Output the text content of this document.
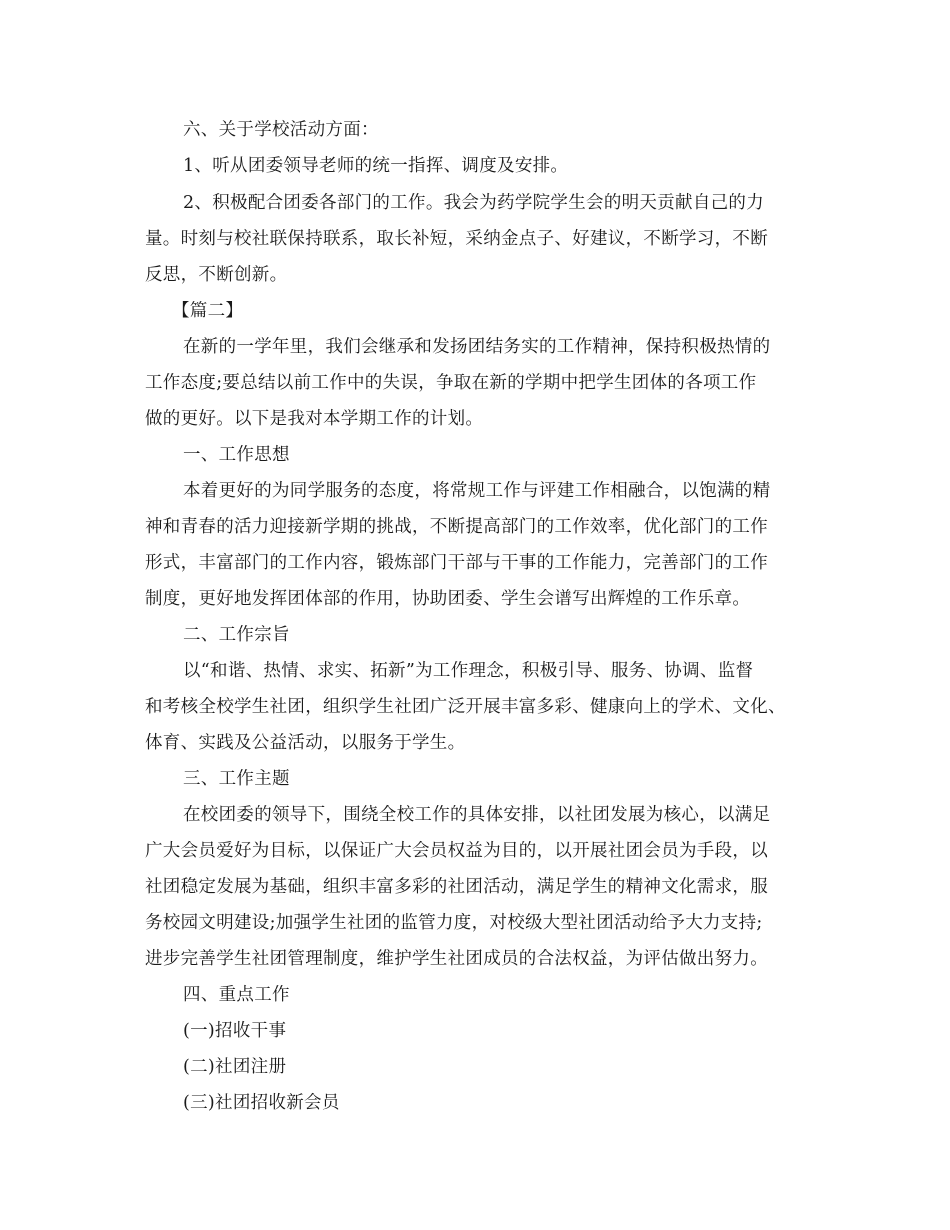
六、关于学校活动方面：
1、听从团委领导老师的统一指挥、调度及安排。
2、积极配合团委各部门的工作。我会为药学院学生会的明天贡献自己的力
量。时刻与校社联保持联系，取长补短，采纳金点子、好建议，不断学习，不断
反思，不断创新。
【篇二】
在新的一学年里，我们会继承和发扬团结务实的工作精神，保持积极热情的
工作态度;要总结以前工作中的失误，争取在新的学期中把学生团体的各项工作
做的更好。以下是我对本学期工作的计划。
一、工作思想
本着更好的为同学服务的态度，将常规工作与评建工作相融合，以饱满的精
神和青春的活力迎接新学期的挑战，不断提高部门的工作效率，优化部门的工作
形式，丰富部门的工作内容，锻炼部门干部与干事的工作能力，完善部门的工作
制度，更好地发挥团体部的作用，协助团委、学生会谱写出辉煌的工作乐章。
二、工作宗旨
以“和谐、热情、求实、拓新”为工作理念，积极引导、服务、协调、监督
和考核全校学生社团，组织学生社团广泛开展丰富多彩、健康向上的学术、文化、
体育、实践及公益活动，以服务于学生。
三、工作主题
在校团委的领导下，围绕全校工作的具体安排，以社团发展为核心，以满足
广大会员爱好为目标，以保证广大会员权益为目的，以开展社团会员为手段，以
社团稳定发展为基础，组织丰富多彩的社团活动，满足学生的精神文化需求，服
务校园文明建设;加强学生社团的监管力度，对校级大型社团活动给予大力支持;
进步完善学生社团管理制度，维护学生社团成员的合法权益，为评估做出努力。
四、重点工作
(一)招收干事
(二)社团注册
(三)社团招收新会员
